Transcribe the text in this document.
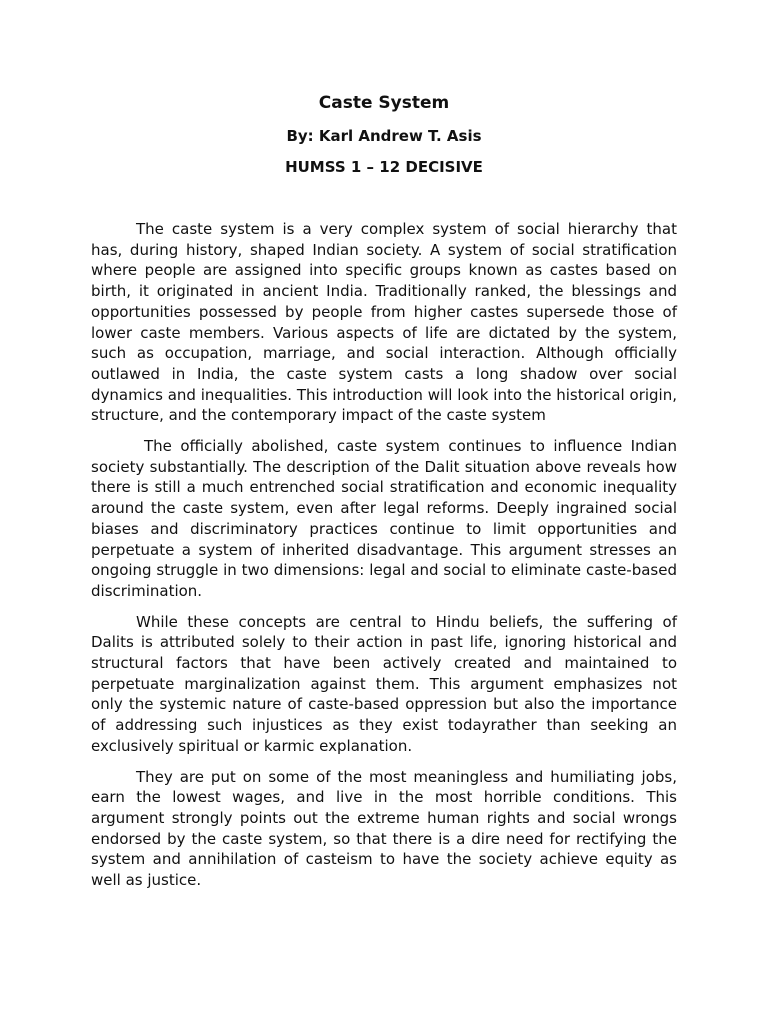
Caste System
By: Karl Andrew T. Asis
HUMSS 1 – 12 DECISIVE

The caste system is a very complex system of social hierarchy that has, during history, shaped Indian society. A system of social stratification where people are assigned into specific groups known as castes based on birth, it originated in ancient India. Traditionally ranked, the blessings and opportunities possessed by people from higher castes supersede those of lower caste members. Various aspects of life are dictated by the system, such as occupation, marriage, and social interaction. Although officially outlawed in India, the caste system casts a long shadow over social dynamics and inequalities. This introduction will look into the historical origin, structure, and the contemporary impact of the caste system

The officially abolished, caste system continues to influence Indian society substantially. The description of the Dalit situation above reveals how there is still a much entrenched social stratification and economic inequality around the caste system, even after legal reforms. Deeply ingrained social biases and discriminatory practices continue to limit opportunities and perpetuate a system of inherited disadvantage. This argument stresses an ongoing struggle in two dimensions: legal and social to eliminate caste-based discrimination.

While these concepts are central to Hindu beliefs, the suffering of Dalits is attributed solely to their action in past life, ignoring historical and structural factors that have been actively created and maintained to perpetuate marginalization against them. This argument emphasizes not only the systemic nature of caste-based oppression but also the importance of addressing such injustices as they exist todayrather than seeking an exclusively spiritual or karmic explanation.

They are put on some of the most meaningless and humiliating jobs, earn the lowest wages, and live in the most horrible conditions. This argument strongly points out the extreme human rights and social wrongs endorsed by the caste system, so that there is a dire need for rectifying the system and annihilation of casteism to have the society achieve equity as well as justice.
